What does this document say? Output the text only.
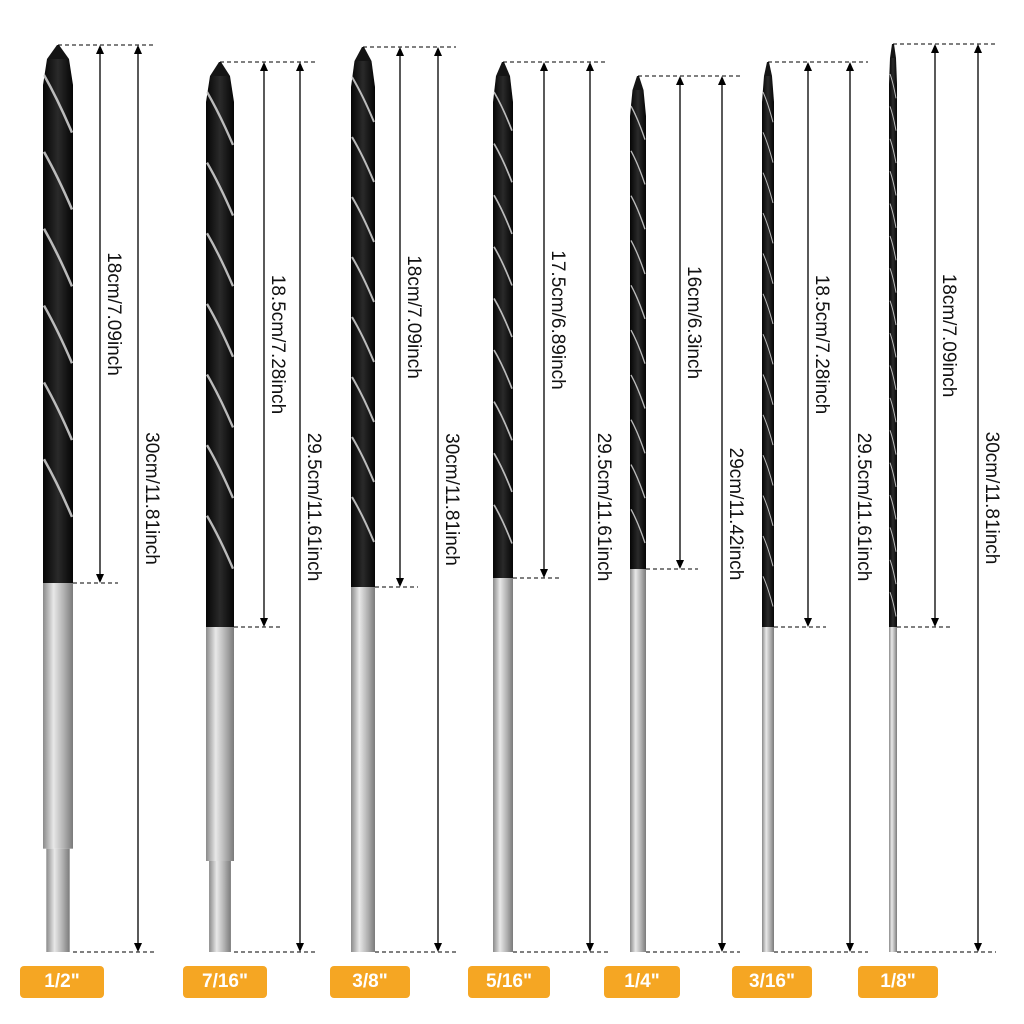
18cm/7.09inch
30cm/11.81inch
18.5cm/7.28inch
29.5cm/11.61inch
18cm/7.09inch
30cm/11.81inch
17.5cm/6.89inch
29.5cm/11.61inch
16cm/6.3inch
29cm/11.42inch
18.5cm/7.28inch
29.5cm/11.61inch
18cm/7.09inch
30cm/11.81inch
1/2"	7/16"	3/8"	5/16"	1/4"	3/16"	1/8"
